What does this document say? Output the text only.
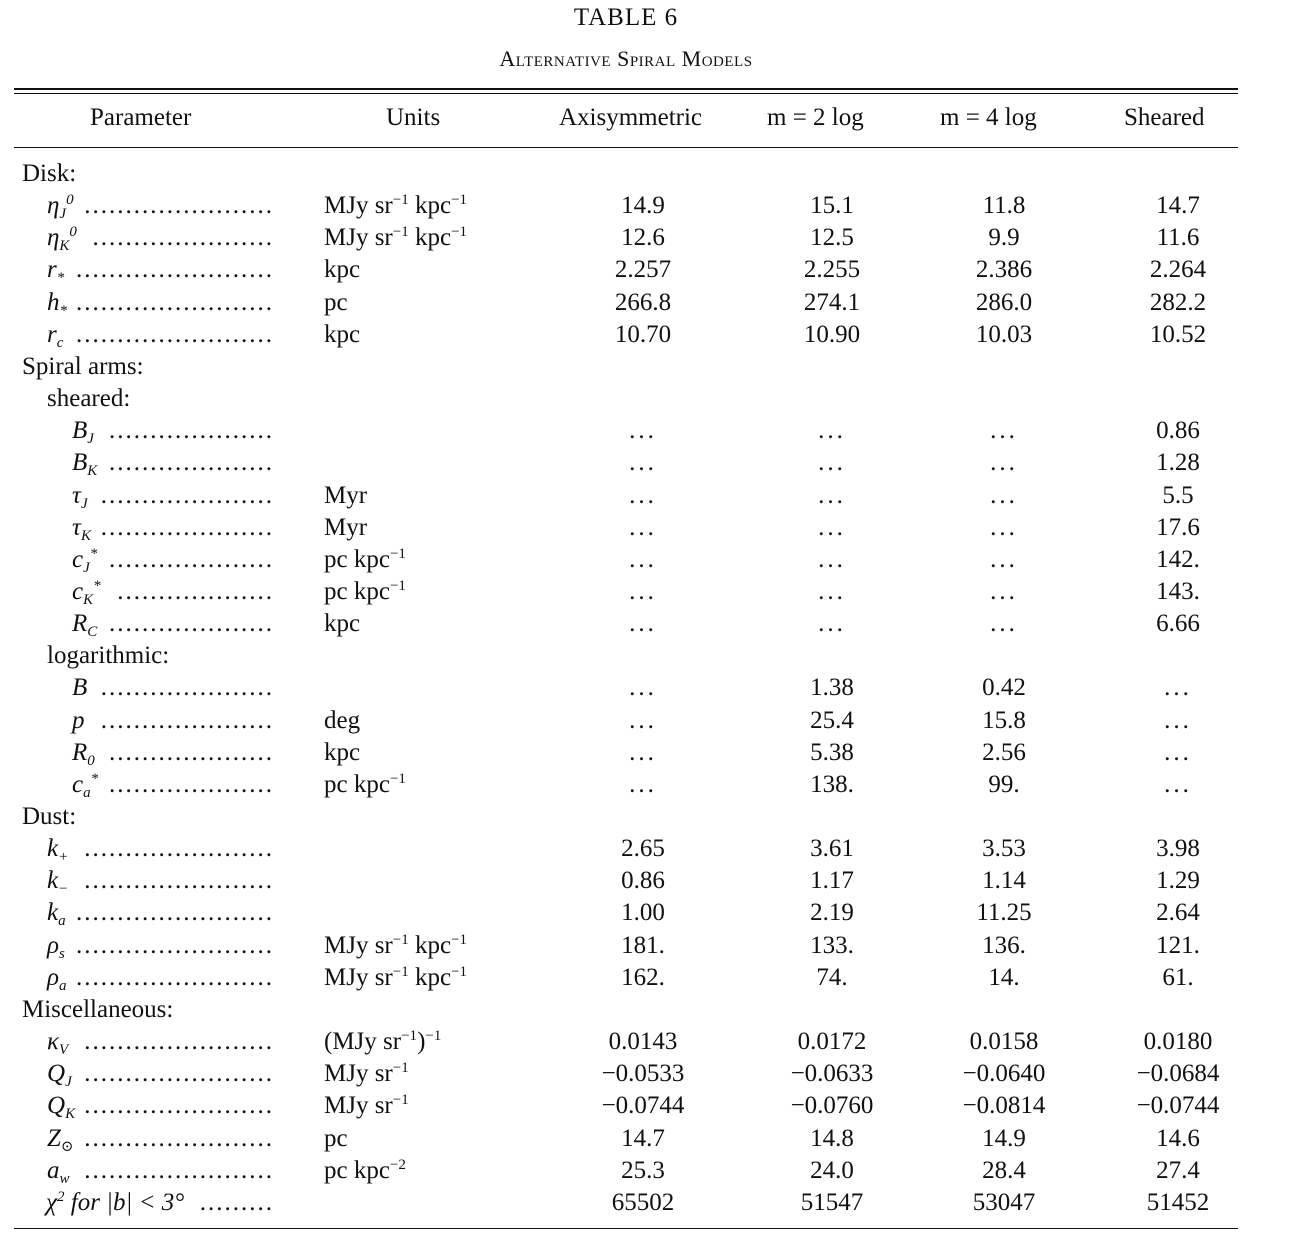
TABLE 6
Alternative Spiral Models
Parameter	Units	Axisymmetric	m = 2 log	m = 4 log	Sheared
Disk:
$\eta_J^0$ ....................... MJy $sr^{-1}$ kpc$^{-1}$	14.9	15.1	11.8	14.7
$\eta_K^0$ ...................... MJy $sr^{-1}$ kpc$^{-1}$	12.6	12.5	9.9	11.6
$r_*$ ........................ kpc	2.257	2.255	2.386	2.264
$h_*$ ........................ pc	266.8	274.1	286.0	282.2
$r_c$ ........................ kpc	10.70	10.90	10.03	10.52
Spiral arms:
sheared:
$B_J$ ....................	...	...	...	0.86
$B_K$ ....................	...	...	...	1.28
$\tau_J$ ..................... Myr	...	...	...	5.5
$\tau_K$ ..................... Myr	...	...	...	17.6
$c_J^*$ .................... pc kpc$^{-1}$	...	...	...	142.
$c_K^*$ ................... pc kpc$^{-1}$	...	...	...	143.
$R_C$ .................... kpc	...	...	...	6.66
logarithmic:
B .....................	...	1.38	0.42	...
p ..................... deg	...	25.4	15.8	...
$R_0$ .................... kpc	...	5.38	2.56	...
$c_a^*$ .................... pc kpc$^{-1}$	...	138.	99.	...
Dust:
$k_+$ .......................	2.65	3.61	3.53	3.98
$k_-$ .......................	0.86	1.17	1.14	1.29
$k_a$ ........................	1.00	2.19	11.25	2.64
$\rho_s$ ........................ MJy $sr^{-1}$ kpc$^{-1}$	181.	133.	136.	121.
$\rho_a$ ........................ MJy $sr^{-1}$ kpc$^{-1}$	162.	74.	14.	61.
Miscellaneous:
$\kappa_V$ ....................... (MJy $sr^{-1})^{-1}$	0.0143	0.0172	0.0158	0.0180
$Q_J$ ....................... MJy $sr^{-1}$	−0.0533	−0.0633	−0.0640	−0.0684
$Q_K$ ....................... MJy $sr^{-1}$	−0.0744	−0.0760	−0.0814	−0.0744
$Z_⊙$ ....................... pc	14.7	14.8	14.9	14.6
$a_w$ ....................... pc kpc$^{-2}$	25.3	24.0	28.4	27.4
$\chi^2$ for |b| < 3° .........	65502	51547	53047	51452
